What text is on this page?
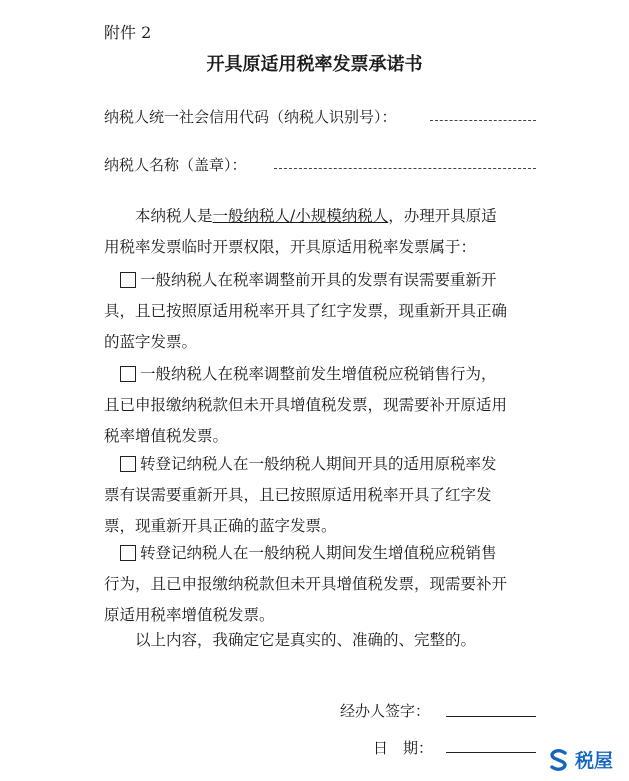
附件 2
开具原适用税率发票承诺书
纳税人统一社会信用代码（纳税人识别号）：
纳税人名称（盖章）：
本纳税人是一般纳税人/小规模纳税人，办理开具原适
用税率发票临时开票权限，开具原适用税率发票属于：
一般纳税人在税率调整前开具的发票有误需要重新开
具，且已按照原适用税率开具了红字发票，现重新开具正确
的蓝字发票。
一般纳税人在税率调整前发生增值税应税销售行为，
且已申报缴纳税款但未开具增值税发票，现需要补开原适用
税率增值税发票。
转登记纳税人在一般纳税人期间开具的适用原税率发
票有误需要重新开具，且已按照原适用税率开具了红字发
票，现重新开具正确的蓝字发票。
转登记纳税人在一般纳税人期间发生增值税应税销售
行为，且已申报缴纳税款但未开具增值税发票，现需要补开
原适用税率增值税发票。
以上内容，我确定它是真实的、准确的、完整的。
经办人签字：
日　期：
税屋
